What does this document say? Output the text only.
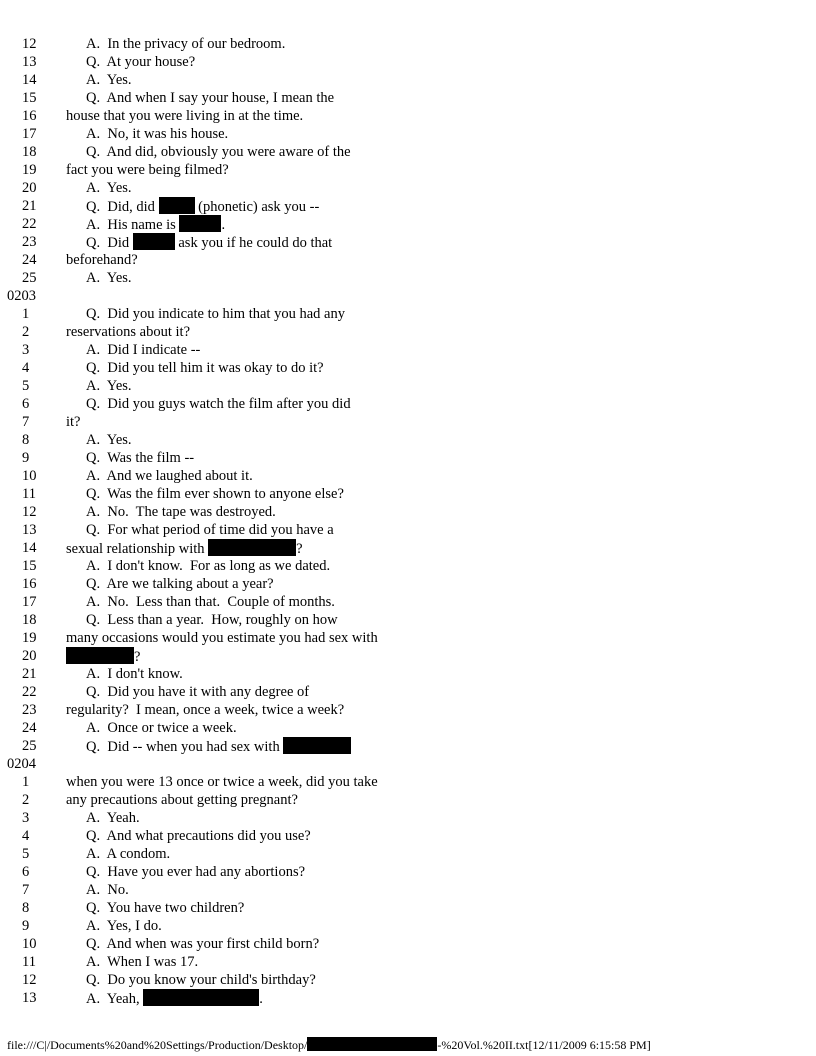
12	A.  In the privacy of our bedroom.
13	Q.  At your house?
14	A.  Yes.
15	Q.  And when I say your house, I mean the
16 house that you were living in at the time.
17	A.  No, it was his house.
18	Q.  And did, obviously you were aware of the
19 fact you were being filmed?
20	A.  Yes.
21	Q.  Did, did  (phonetic) ask you --
22	A.  His name is	.
23	Q.  Did	ask you if he could do that
24 beforehand?
25	A.  Yes.
0203
1	Q.  Did you indicate to him that you had any
2	reservations about it?
3	A.  Did I indicate --
4	Q.  Did you tell him it was okay to do it?
5	A.  Yes.
6	Q.  Did you guys watch the film after you did
7	it?
8	A.  Yes.
9	Q.  Was the film --
10	A.  And we laughed about it.
11	Q.  Was the film ever shown to anyone else?
12	A.  No.  The tape was destroyed.
13	Q.  For what period of time did you have a
14 sexual relationship with	?
15	A.  I don't know.  For as long as we dated.
16	Q.  Are we talking about a year?
17	A.  No.  Less than that.  Couple of months.
18	Q.  Less than a year.  How, roughly on how
19 many occasions would you estimate you had sex with
20	?
21	A.  I don't know.
22	Q.  Did you have it with any degree of
23 regularity?  I mean, once a week, twice a week?
24	A.  Once or twice a week.
25	Q.  Did -- when you had sex with
0204
1	when you were 13 once or twice a week, did you take
2	any precautions about getting pregnant?
3	A.  Yeah.
4	Q.  And what precautions did you use?
5	A.  A condom.
6	Q.  Have you ever had any abortions?
7	A.  No.
8	Q.  You have two children?
9	A.  Yes, I do.
10	Q.  And when was your first child born?
11	A.  When I was 17.
12	Q.  Do you know your child's birthday?
13	A.  Yeah,	.
file:///C|/Documents%20and%20Settings/Production/Desktop/	-%20Vol.%20II.txt[12/11/2009 6:15:58 PM]
